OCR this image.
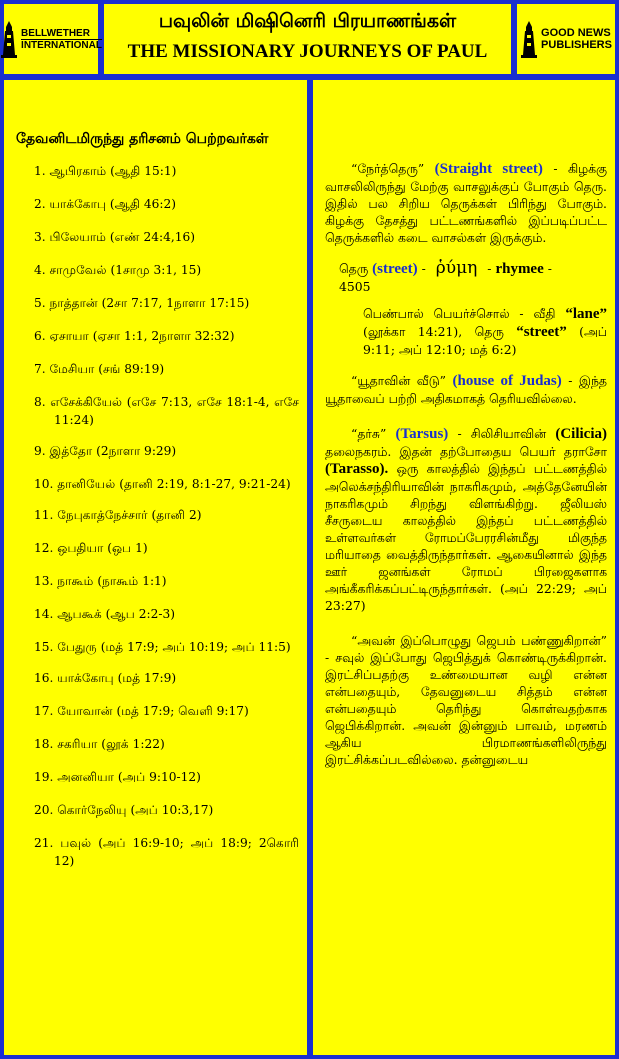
BELLWETHER
INTERNATIONAL

பவுலின் மிஷினெரி பிரயாணங்கள்

THE MISSIONARY JOURNEYS OF PAUL

GOOD NEWS
PUBLISHERS

தேவனிடமிருந்து தரிசனம் பெற்றவர்கள்

1. ஆபிரகாம் (ஆதி 15:1)
2. யாக்கோபு (ஆதி 46:2)
3. பிலேயாம் (எண் 24:4,16)
4. சாமுவேல் (1சாமு 3:1, 15)
5. நாத்தான் (2சா 7:17, 1நாளா 17:15)
6. ஏசாயா (ஏசா 1:1, 2நாளா 32:32)
7. மேசியா (சங் 89:19)
8. எசேக்கியேல் (எசே 7:13, எசே 18:1-4, எசே 11:24)
9. இத்தோ (2நாளா 9:29)
10. தானியேல் (தானி 2:19, 8:1-27, 9:21-24)
11. நேபுகாத்நேச்சார் (தானி 2)
12. ஒபதியா (ஒப 1)
13. நாகூம் (நாகூம் 1:1)
14. ஆபகூக் (ஆப 2:2-3)
15. பேதுரு (மத் 17:9; அப் 10:19; அப் 11:5)
16. யாக்கோபு (மத் 17:9)
17. யோவான் (மத் 17:9; வெளி 9:17)
18. சகரியா (லூக் 1:22)
19. அனனியா (அப் 9:10-12)
20. கொர்நேலியு (அப் 10:3,17)
21. பவுல் (அப் 16:9-10; அப் 18:9; 2கொரி 12)

“நேர்த்தெரு” (Straight street) - கிழக்கு வாசலிலிருந்து மேற்கு வாசலுக்குப் போகும் தெரு. இதில் பல சிறிய தெருக்கள் பிரிந்து போகும். கிழக்கு தேசத்து பட்டணங்களில் இப்படிப்பட்ட தெருக்களில் கடை வாசல்கள் இருக்கும்.

தெரு (street) - ῥύμη - rhymee -
4505

பெண்பால் பெயர்ச்சொல் - வீதி “lane” (லூக்கா 14:21), தெரு “street” (அப் 9:11; அப் 12:10; மத் 6:2)

“யூதாவின் வீடு” (house of Judas) - இந்த யூதாவைப் பற்றி அதிகமாகத் தெரியவில்லை.

“தர்சு” (Tarsus) - சிலிசியாவின் (Cilicia) தலைநகரம். இதன் தற்போதைய பெயர் தராசோ (Tarasso). ஒரு காலத்தில் இந்தப் பட்டணத்தில் அலெக்சந்திரியாவின் நாகரிகமும், அத்தேனேயின் நாகரிகமும் சிறந்து விளங்கிற்று. ஜீலியஸ் சீசருடைய காலத்தில் இந்தப் பட்டணத்தில் உள்ளவர்கள் ரோமப்பேரரசின்மீது மிகுந்த மரியாதை வைத்திருந்தார்கள். ஆகையினால் இந்த ஊர் ஜனங்கள் ரோமப் பிரஜைகளாக அங்கீகரிக்கப்பட்டிருந்தார்கள். (அப் 22:29; அப் 23:27)

“அவன் இப்பொழுது ஜெபம் பண்ணுகிறான்” - சவுல் இப்போது ஜெபித்துக் கொண்டிருக்கிறான். இரட்சிப்பதற்கு உண்மையான வழி என்ன என்பதையும், தேவனுடைய சித்தம் என்ன என்பதையும் தெரிந்து கொள்வதற்காக ஜெபிக்கிறான். அவன் இன்னும் பாவம், மரணம் ஆகிய பிரமாணங்களிலிருந்து இரட்சிக்கப்படவில்லை. தன்னுடைய
